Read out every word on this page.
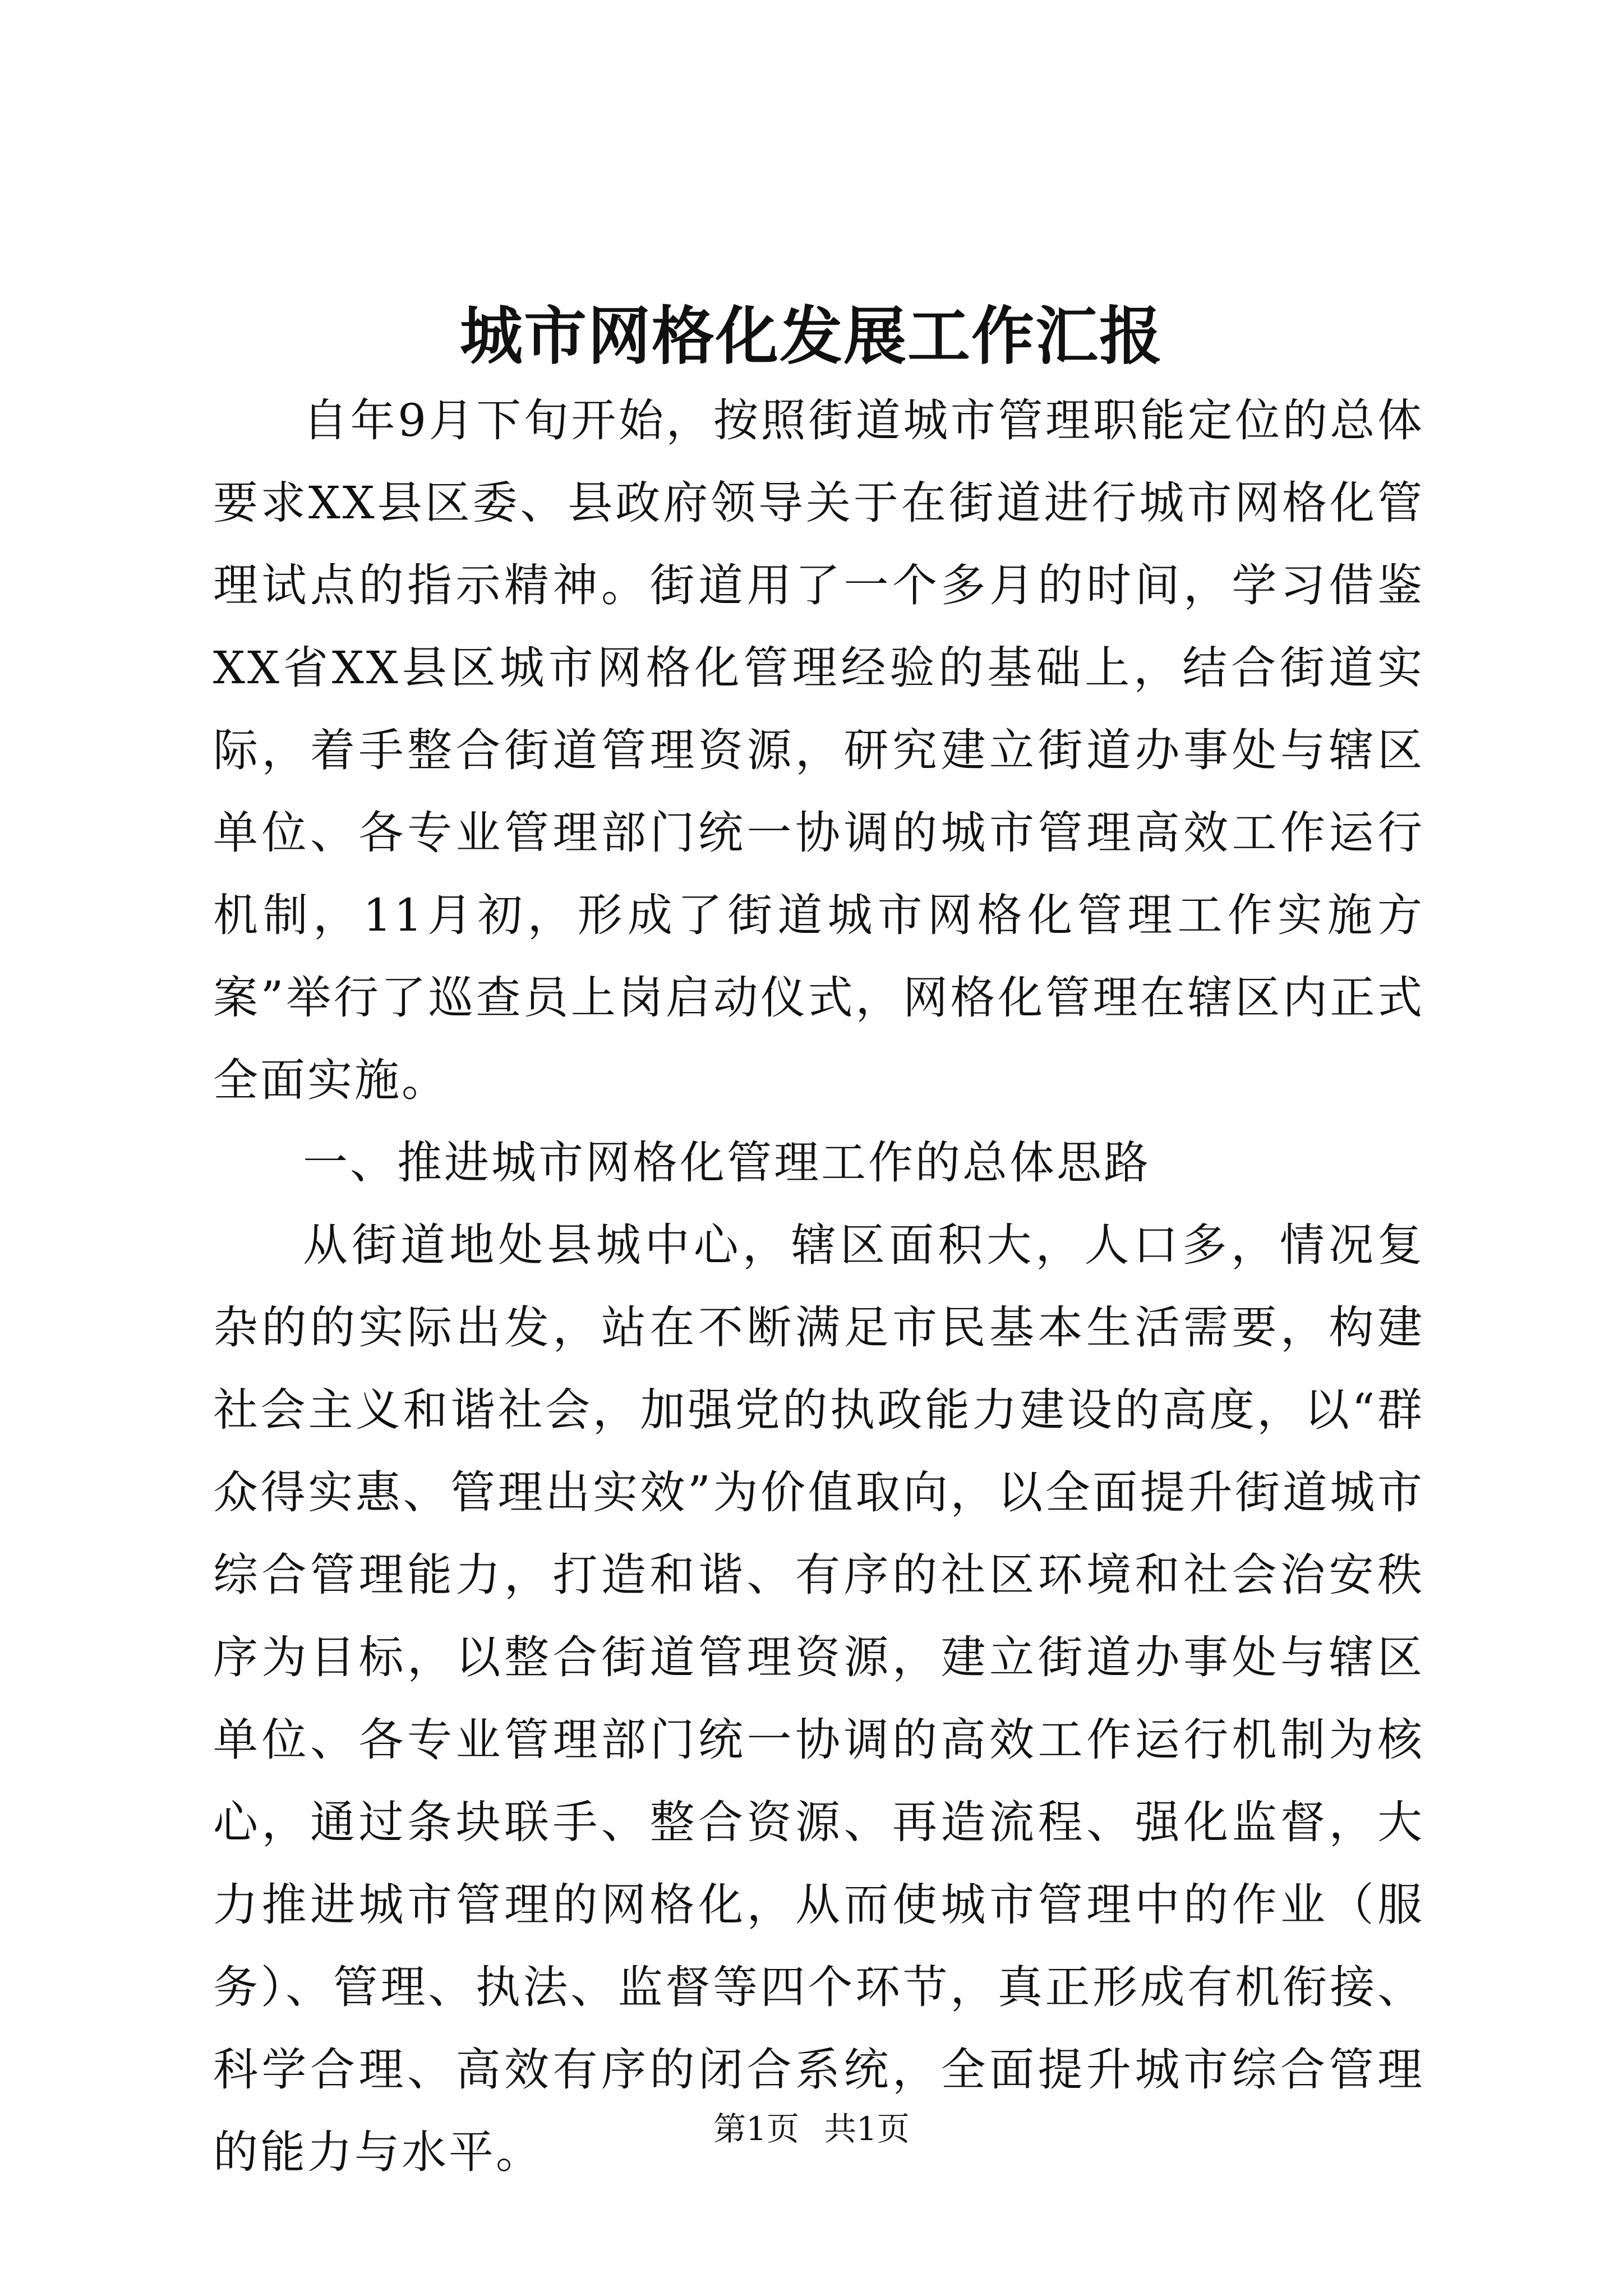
城市网格化发展工作汇报

自年9月下旬开始，按照街道城市管理职能定位的总体要求XX县区委、县政府领导关于在街道进行城市网格化管理试点的指示精神。街道用了一个多月的时间，学习借鉴XX省XX县区城市网格化管理经验的基础上，结合街道实际，着手整合街道管理资源，研究建立街道办事处与辖区单位、各专业管理部门统一协调的城市管理高效工作运行机制，11月初，形成了街道城市网格化管理工作实施方案”举行了巡查员上岗启动仪式，网格化管理在辖区内正式全面实施。

一、推进城市网格化管理工作的总体思路

从街道地处县城中心，辖区面积大，人口多，情况复杂的的实际出发，站在不断满足市民基本生活需要，构建社会主义和谐社会，加强党的执政能力建设的高度，以“群众得实惠、管理出实效”为价值取向，以全面提升街道城市综合管理能力，打造和谐、有序的社区环境和社会治安秩序为目标，以整合街道管理资源，建立街道办事处与辖区单位、各专业管理部门统一协调的高效工作运行机制为核心，通过条块联手、整合资源、再造流程、强化监督，大力推进城市管理的网格化，从而使城市管理中的作业（服务）、管理、执法、监督等四个环节，真正形成有机衔接、科学合理、高效有序的闭合系统，全面提升城市综合管理的能力与水平。	第1页 共1页
